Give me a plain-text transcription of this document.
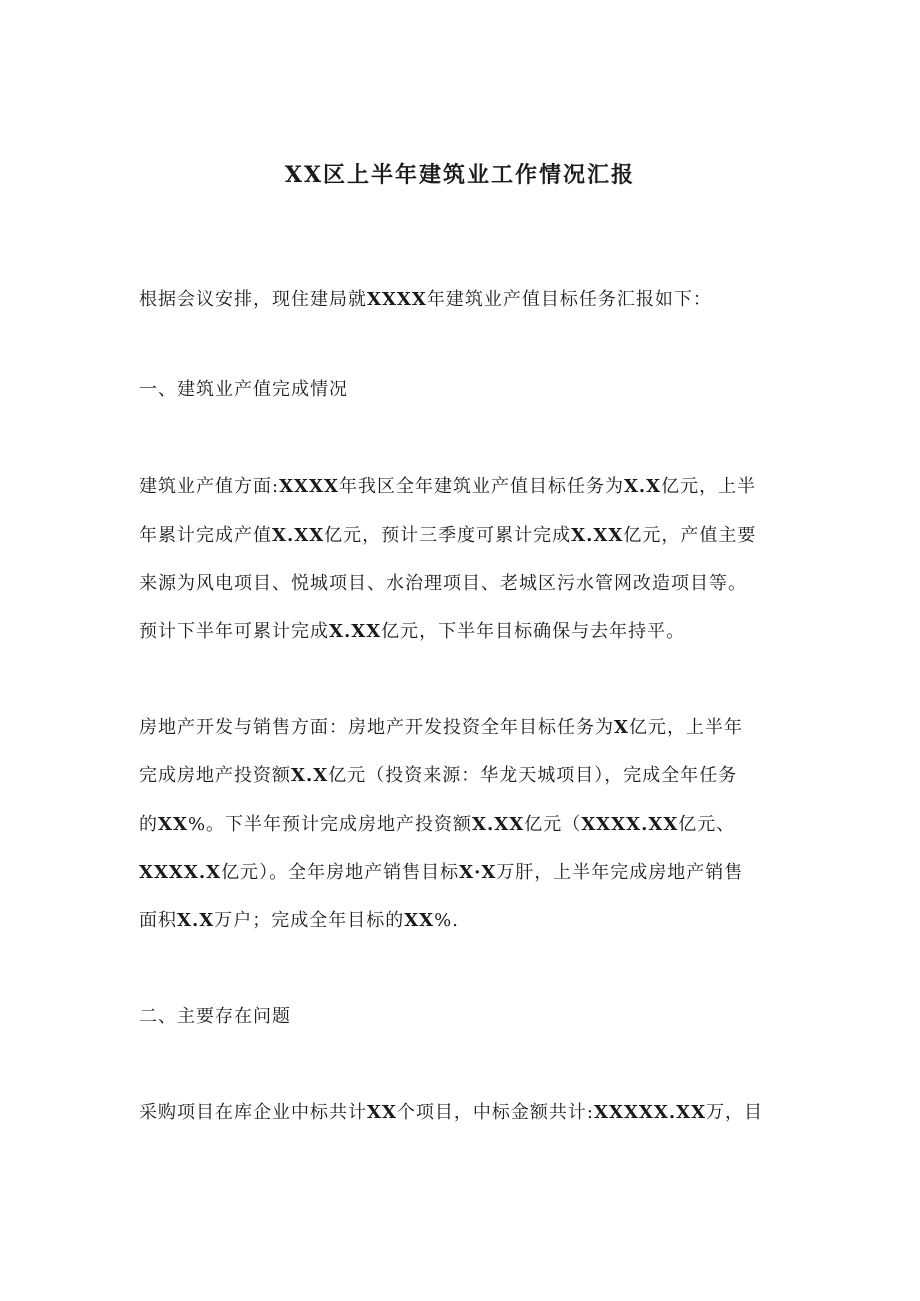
XX区上半年建筑业工作情况汇报

根据会议安排，现住建局就XXXX年建筑业产值目标任务汇报如下：

一、建筑业产值完成情况

建筑业产值方面:XXXX年我区全年建筑业产值目标任务为X.X亿元，上半

年累计完成产值X.XX亿元，预计三季度可累计完成X.XX亿元，产值主要

来源为风电项目、悦城项目、水治理项目、老城区污水管网改造项目等。

预计下半年可累计完成X.XX亿元，下半年目标确保与去年持平。

房地产开发与销售方面：房地产开发投资全年目标任务为X亿元，上半年

完成房地产投资额X.X亿元（投资来源：华龙天城项目），完成全年任务

的XX%。下半年预计完成房地产投资额X.XX亿元（XXXX.XX亿元、

XXXX.X亿元）。全年房地产销售目标X·X万肝，上半年完成房地产销售

面积X.X万户；完成全年目标的XX%.

二、主要存在问题

采购项目在库企业中标共计XX个项目，中标金额共计:XXXXX.XX万，目
